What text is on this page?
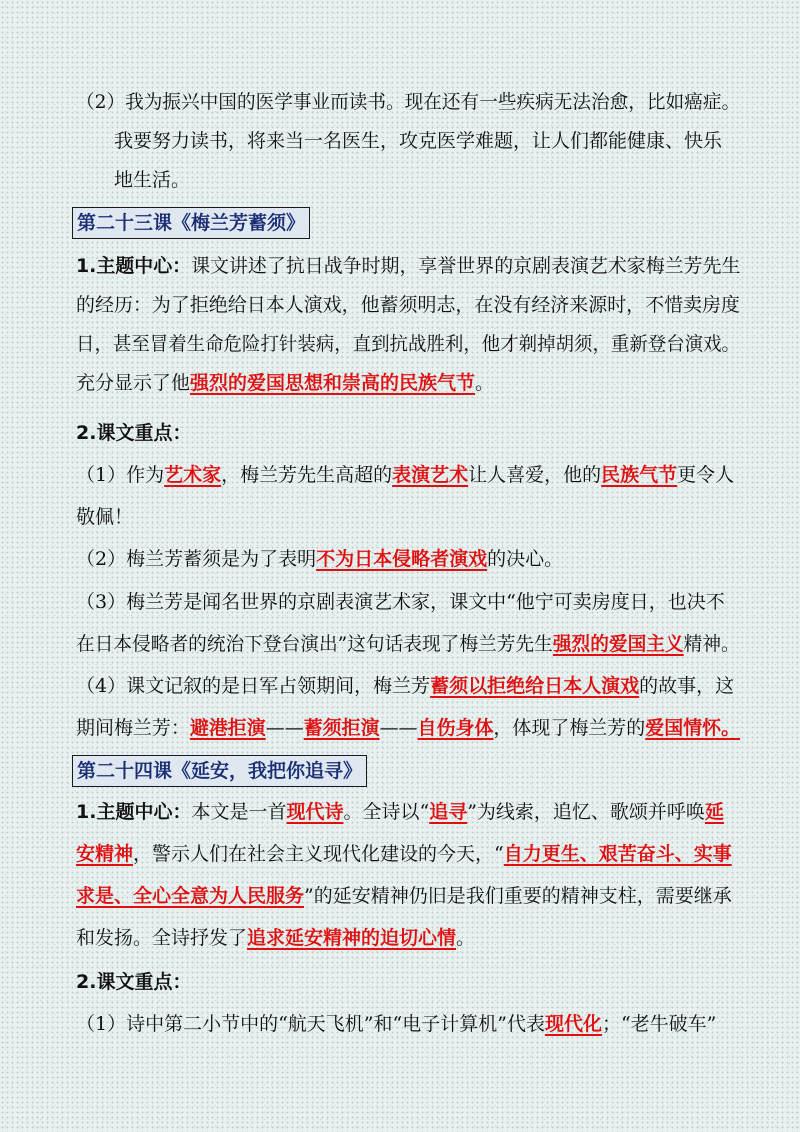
（2）我为振兴中国的医学事业而读书。现在还有一些疾病无法治愈，比如癌症。
我要努力读书，将来当一名医生，攻克医学难题，让人们都能健康、快乐
地生活。
第二十三课《梅兰芳蓄须》
1.主题中心：课文讲述了抗日战争时期，享誉世界的京剧表演艺术家梅兰芳先生
的经历：为了拒绝给日本人演戏，他蓄须明志，在没有经济来源时，不惜卖房度
日，甚至冒着生命危险打针装病，直到抗战胜利，他才剃掉胡须，重新登台演戏。
充分显示了他强烈的爱国思想和崇高的民族气节。
2.课文重点：
（1）作为艺术家，梅兰芳先生高超的表演艺术让人喜爱，他的民族气节更令人
敬佩！
（2）梅兰芳蓄须是为了表明不为日本侵略者演戏的决心。
（3）梅兰芳是闻名世界的京剧表演艺术家，课文中“他宁可卖房度日，也决不
在日本侵略者的统治下登台演出”这句话表现了梅兰芳先生强烈的爱国主义精神。
（4）课文记叙的是日军占领期间，梅兰芳蓄须以拒绝给日本人演戏的故事，这
期间梅兰芳：避港拒演——蓄须拒演——自伤身体，体现了梅兰芳的爱国情怀。
第二十四课《延安，我把你追寻》
1.主题中心：本文是一首现代诗。全诗以“追寻”为线索，追忆、歌颂并呼唤延
安精神，警示人们在社会主义现代化建设的今天，“自力更生、艰苦奋斗、实事
求是、全心全意为人民服务”的延安精神仍旧是我们重要的精神支柱，需要继承
和发扬。全诗抒发了追求延安精神的迫切心情。
2.课文重点：
（1）诗中第二小节中的“航天飞机”和“电子计算机”代表现代化；“老牛破车”
